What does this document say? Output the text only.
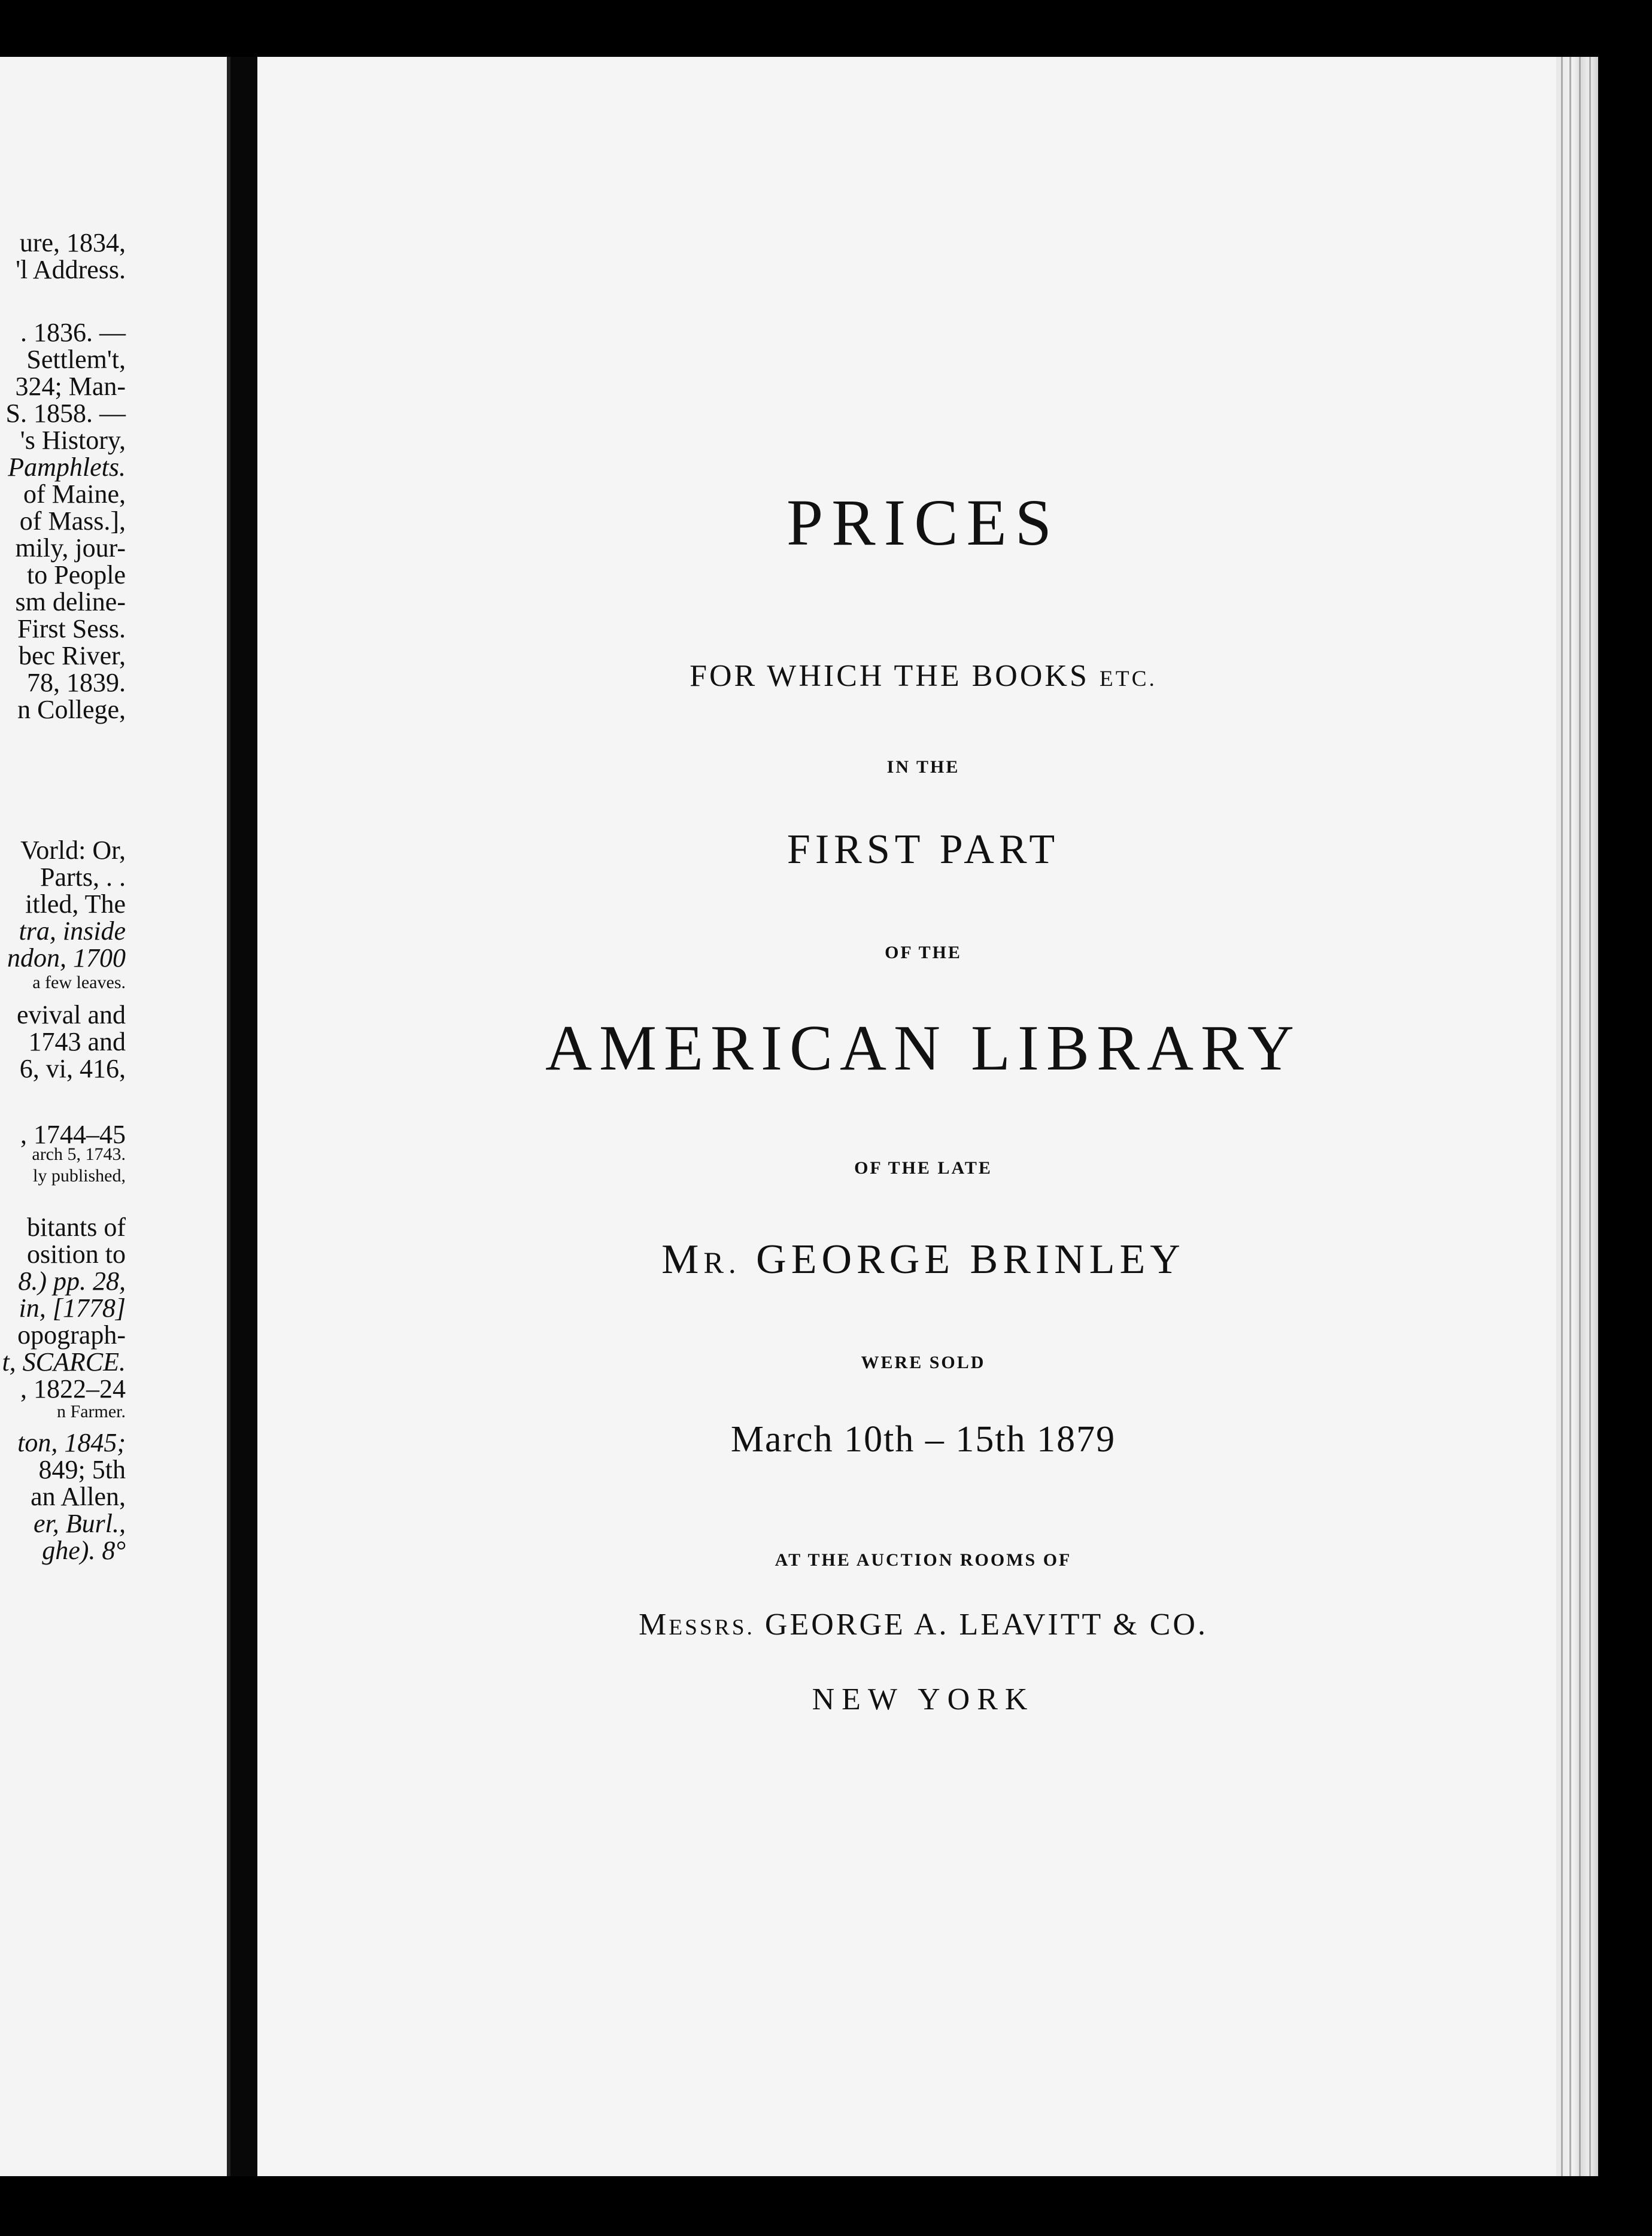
ure, 1834,
'l Address.
. 1836. —
Settlem't,
324; Man-
S. 1858. —
's History,
Pamphlets.
of Maine,
of Mass.],
mily, jour-
to People
sm deline-
First Sess.
bec River,
78, 1839.
n College,
Vorld: Or,
Parts, . .
itled, The
tra, inside
ndon, 1700
a few leaves.
evival and
1743 and
6, vi, 416,
, 1744–45
arch 5, 1743.
ly published,
bitants of
osition to
8.) pp. 28,
in, [1778]
opograph-
t, SCARCE.
, 1822–24
n Farmer.
ton, 1845;
849; 5th
an Allen,
er, Burl.,
ghe). 8°
PRICES
FOR WHICH THE BOOKS ETC.
IN THE
FIRST PART
OF THE
AMERICAN LIBRARY
OF THE LATE
MR. GEORGE BRINLEY
WERE SOLD
March 10th – 15th 1879
AT THE AUCTION ROOMS OF
MESSRS. GEORGE A. LEAVITT & CO.
NEW YORK
